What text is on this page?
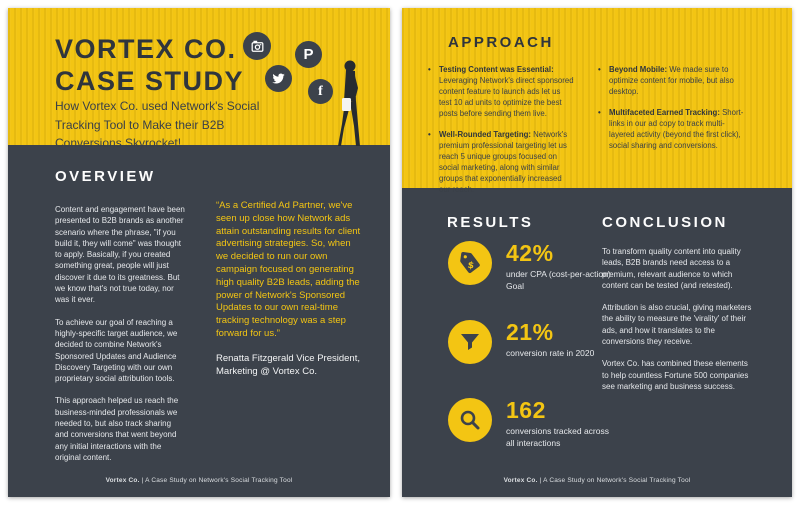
VORTEX CO.
CASE STUDY
How Vortex Co. used Network's Social Tracking Tool to Make their B2B Conversions Skyrocket!
P
f
OVERVIEW

Content and engagement have been presented to B2B brands as another scenario where the phrase, "if you build it, they will come" was thought to apply. Basically, if you created something great, people will just discover it due to its greatness. But we know that's not true today, nor was it ever.

To achieve our goal of reaching a highly-specific target audience, we decided to combine Network's Sponsored Updates and Audience Discovery Targeting with our own proprietary social attribution tools.

This approach helped us reach the business-minded professionals we needed to, but also track sharing and conversions that went beyond any initial interactions with the original content.

“As a Certified Ad Partner, we've seen up close how Network ads attain outstanding results for client advertising strategies. So, when we decided to run our own campaign focused on generating high quality B2B leads, adding the power of Network's Sponsored Updates to our own real-time tracking technology was a step forward for us.”

Renatta Fitzgerald Vice President, Marketing @ Vortex Co.

Vortex Co. | A Case Study on Network's Social Tracking Tool
APPROACH
• Testing Content was Essential: Leveraging Network's direct sponsored content feature to launch ads let us test 10 ad units to optimize the best posts before sending them live.
• Well-Rounded Targeting: Network's premium professional targeting let us reach 5 unique groups focused on social marketing, along with similar groups that exponentially increased our reach.
• Beyond Mobile: We made sure to optimize content for mobile, but also desktop.
• Multifaceted Earned Tracking: Short-links in our ad copy to track multi-layered activity (beyond the first click), social sharing and conversions.
RESULTS	CONCLUSION
$
42%
under CPA (cost-per-action) Goal
21%
conversion rate in 2020
162
conversions tracked across all interactions

To transform quality content into quality leads, B2B brands need access to a premium, relevant audience to which content can be tested (and retested).

Attribution is also crucial, giving marketers the ability to measure the 'virality' of their ads, and how it translates to the conversions they receive.

Vortex Co. has combined these elements to help countless Fortune 500 companies see marketing and business success.

Vortex Co. | A Case Study on Network's Social Tracking Tool
